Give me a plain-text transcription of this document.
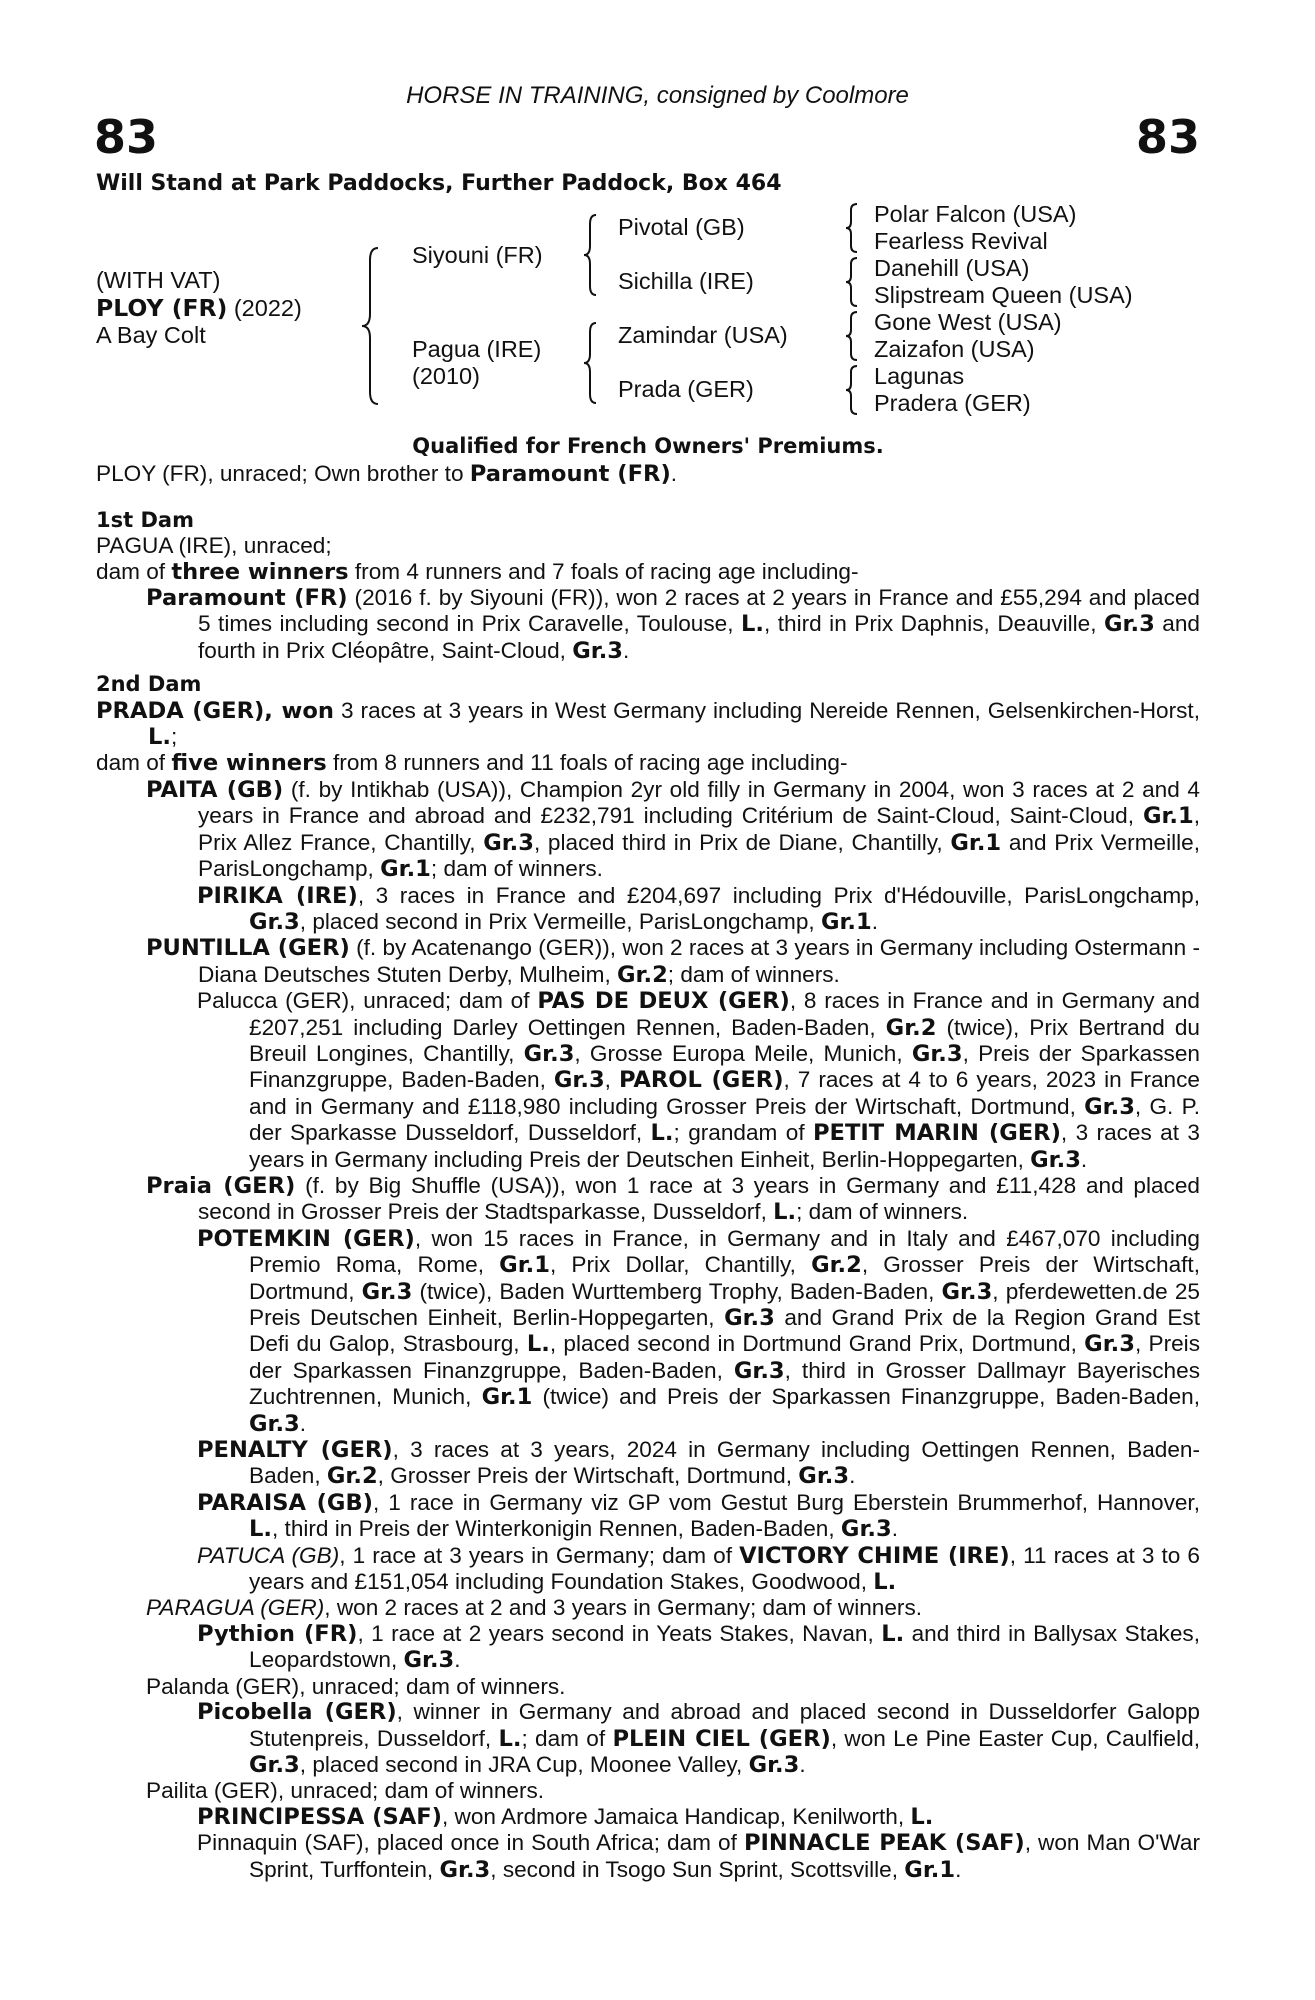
HORSE IN TRAINING, consigned by Coolmore
83	83
Will Stand at Park Paddocks, Further Paddock, Box 464
(WITH VAT)
PLOY (FR) (2022)
A Bay Colt
Siyouni (FR)
Pagua (IRE)
(2010)
Pivotal (GB)
Sichilla (IRE)
Zamindar (USA)
Prada (GER)
Polar Falcon (USA)
Fearless Revival
Danehill (USA)
Slipstream Queen (USA)
Gone West (USA)
Zaizafon (USA)
Lagunas
Pradera (GER)

Qualified for French Owners' Premiums.

PLOY (FR), unraced; Own brother to Paramount (FR).

1st Dam

PAGUA (IRE), unraced;

dam of three winners from 4 runners and 7 foals of racing age including-

Paramount (FR) (2016 f. by Siyouni (FR)), won 2 races at 2 years in France and £55,294 and placed 5 times including second in Prix Caravelle, Toulouse, L., third in Prix Daphnis, Deauville, Gr.3 and fourth in Prix Cléopâtre, Saint-Cloud, Gr.3.

2nd Dam

PRADA (GER), won 3 races at 3 years in West Germany including Nereide Rennen, Gelsenkirchen-Horst, L.;

dam of five winners from 8 runners and 11 foals of racing age including-

PAITA (GB) (f. by Intikhab (USA)), Champion 2yr old filly in Germany in 2004, won 3 races at 2 and 4 years in France and abroad and £232,791 including Critérium de Saint-Cloud, Saint-Cloud, Gr.1, Prix Allez France, Chantilly, Gr.3, placed third in Prix de Diane, Chantilly, Gr.1 and Prix Vermeille, ParisLongchamp, Gr.1; dam of winners.

PIRIKA (IRE), 3 races in France and £204,697 including Prix d'Hédouville, ParisLongchamp, Gr.3, placed second in Prix Vermeille, ParisLongchamp, Gr.1.

PUNTILLA (GER) (f. by Acatenango (GER)), won 2 races at 3 years in Germany including Ostermann - Diana Deutsches Stuten Derby, Mulheim, Gr.2; dam of winners.

Palucca (GER), unraced; dam of PAS DE DEUX (GER), 8 races in France and in Germany and £207,251 including Darley Oettingen Rennen, Baden-Baden, Gr.2 (twice), Prix Bertrand du Breuil Longines, Chantilly, Gr.3, Grosse Europa Meile, Munich, Gr.3, Preis der Sparkassen Finanzgruppe, Baden-Baden, Gr.3, PAROL (GER), 7 races at 4 to 6 years, 2023 in France and in Germany and £118,980 including Grosser Preis der Wirtschaft, Dortmund, Gr.3, G. P. der Sparkasse Dusseldorf, Dusseldorf, L.; grandam of PETIT MARIN (GER), 3 races at 3 years in Germany including Preis der Deutschen Einheit, Berlin-Hoppegarten, Gr.3.

Praia (GER) (f. by Big Shuffle (USA)), won 1 race at 3 years in Germany and £11,428 and placed second in Grosser Preis der Stadtsparkasse, Dusseldorf, L.; dam of winners.

POTEMKIN (GER), won 15 races in France, in Germany and in Italy and £467,070 including Premio Roma, Rome, Gr.1, Prix Dollar, Chantilly, Gr.2, Grosser Preis der Wirtschaft, Dortmund, Gr.3 (twice), Baden Wurttemberg Trophy, Baden-Baden, Gr.3, pferdewetten.de 25 Preis Deutschen Einheit, Berlin-Hoppegarten, Gr.3 and Grand Prix de la Region Grand Est Defi du Galop, Strasbourg, L., placed second in Dortmund Grand Prix, Dortmund, Gr.3, Preis der Sparkassen Finanzgruppe, Baden-Baden, Gr.3, third in Grosser Dallmayr Bayerisches Zuchtrennen, Munich, Gr.1 (twice) and Preis der Sparkassen Finanzgruppe, Baden-Baden, Gr.3.

PENALTY (GER), 3 races at 3 years, 2024 in Germany including Oettingen Rennen, Baden-Baden, Gr.2, Grosser Preis der Wirtschaft, Dortmund, Gr.3.

PARAISA (GB), 1 race in Germany viz GP vom Gestut Burg Eberstein Brummerhof, Hannover, L., third in Preis der Winterkonigin Rennen, Baden-Baden, Gr.3.

PATUCA (GB), 1 race at 3 years in Germany; dam of VICTORY CHIME (IRE), 11 races at 3 to 6 years and £151,054 including Foundation Stakes, Goodwood, L.

PARAGUA (GER), won 2 races at 2 and 3 years in Germany; dam of winners.

Pythion (FR), 1 race at 2 years second in Yeats Stakes, Navan, L. and third in Ballysax Stakes, Leopardstown, Gr.3.

Palanda (GER), unraced; dam of winners.

Picobella (GER), winner in Germany and abroad and placed second in Dusseldorfer Galopp Stutenpreis, Dusseldorf, L.; dam of PLEIN CIEL (GER), won Le Pine Easter Cup, Caulfield, Gr.3, placed second in JRA Cup, Moonee Valley, Gr.3.

Pailita (GER), unraced; dam of winners.

PRINCIPESSA (SAF), won Ardmore Jamaica Handicap, Kenilworth, L.

Pinnaquin (SAF), placed once in South Africa; dam of PINNACLE PEAK (SAF), won Man O'War Sprint, Turffontein, Gr.3, second in Tsogo Sun Sprint, Scottsville, Gr.1.
